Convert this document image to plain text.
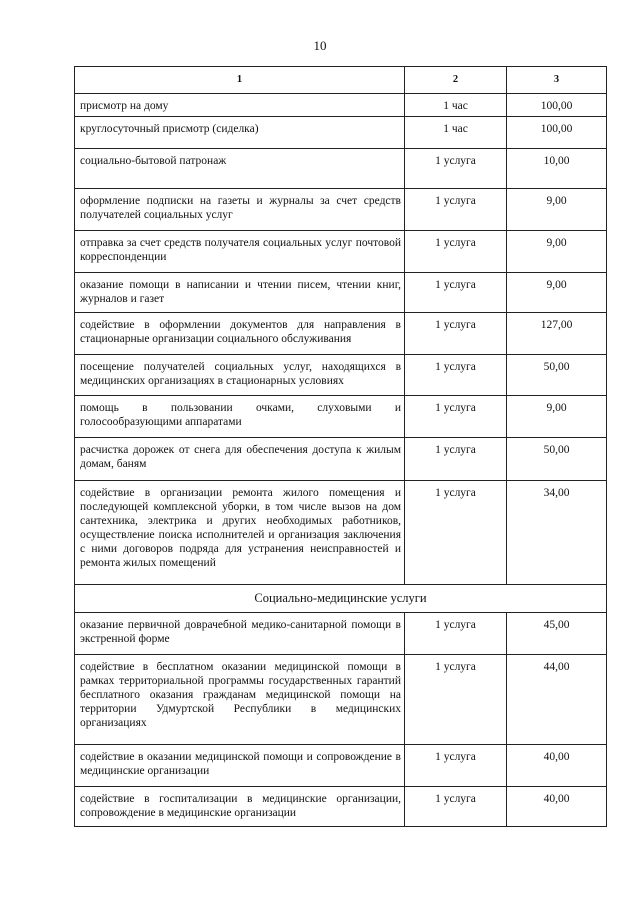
10
1	2	3

присмотр на дому	1 час	100,00

круглосуточный присмотр (сиделка)	1 час	100,00

социально-бытовой патронаж	1 услуга	10,00

оформление подписки на газеты и журналы за счет средств получателей социальных услуг	1 услуга	9,00

отправка за счет средств получателя социальных услуг почтовой корреспонденции	1 услуга	9,00

оказание помощи в написании и чтении писем, чтении книг, журналов и газет	1 услуга	9,00

содействие в оформлении документов для направления в стационарные организации социального обслуживания	1 услуга	127,00

посещение получателей социальных услуг, находящихся в медицинских организациях в стационарных условиях	1 услуга	50,00

помощь в пользовании очками, слуховыми и голосообразующими аппаратами	1 услуга	9,00

расчистка дорожек от снега для обеспечения доступа к жилым домам, баням	1 услуга	50,00

содействие в организации ремонта жилого помещения и последующей комплексной уборки, в том числе вызов на дом сантехника, электрика и других необходимых работников, осуществление поиска исполнителей и организация заключения с ними договоров подряда для устранения неисправностей и ремонта жилых помещений	1 услуга	34,00
Социально-медицинские услуги		

оказание первичной доврачебной медико-санитарной помощи в экстренной форме	1 услуга	45,00

содействие в бесплатном оказании медицинской помощи в рамках территориальной программы государственных гарантий бесплатного оказания гражданам медицинской помощи на территории Удмуртской Республики в медицинских организациях	1 услуга	44,00

содействие в оказании медицинской помощи и сопровождение в медицинские организации	1 услуга	40,00

содействие в госпитализации в медицинские организации, сопровождение в медицинские организации	1 услуга	40,00
